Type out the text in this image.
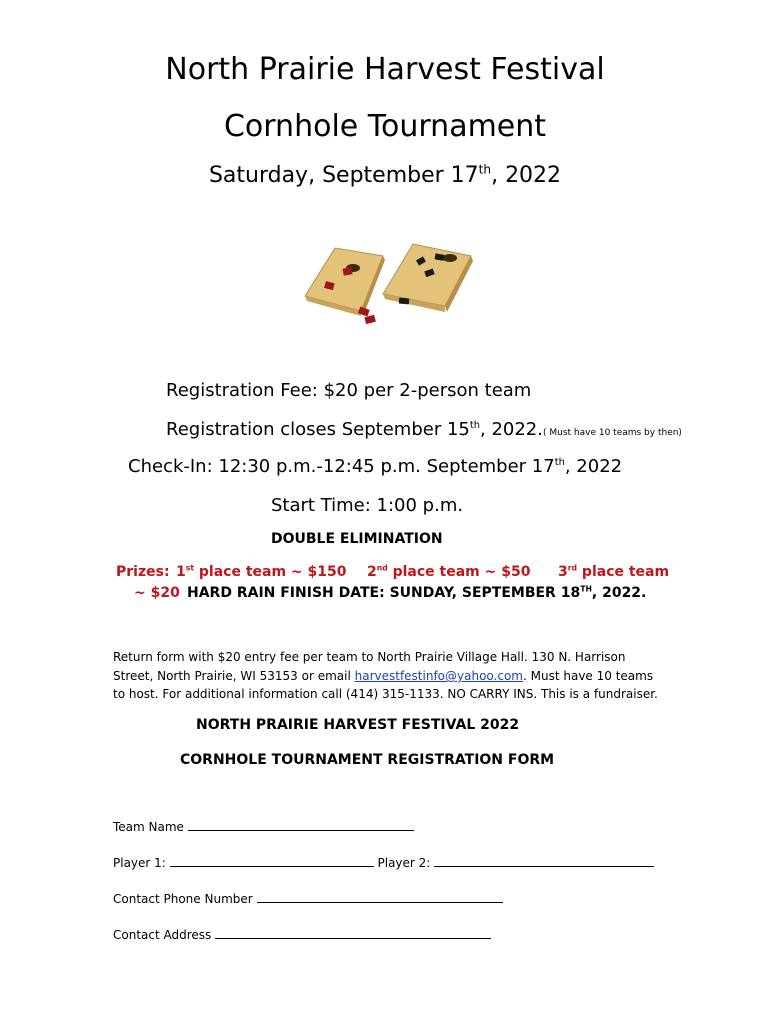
North Prairie Harvest Festival
Cornhole Tournament
Saturday, September 17th, 2022
Registration Fee: $20 per 2-person team
Registration closes September 15th, 2022.( Must have 10 teams by then)
Check-In: 12:30 p.m.-12:45 p.m. September 17th, 2022
Start Time: 1:00 p.m.
DOUBLE ELIMINATION
Prizes: 1st place team ~ $150 2nd place team ~ $50 3rd place team
~ $20 HARD RAIN FINISH DATE: SUNDAY, SEPTEMBER 18TH, 2022.
Return form with $20 entry fee per team to North Prairie Village Hall. 130 N. Harrison
Street, North Prairie, WI 53153 or email harvestfestinfo@yahoo.com. Must have 10 teams
to host. For additional information call (414) 315-1133. NO CARRY INS. This is a fundraiser.
NORTH PRAIRIE HARVEST FESTIVAL 2022
CORNHOLE TOURNAMENT REGISTRATION FORM
Team Name
Player 1:	Player 2:
Contact Phone Number
Contact Address
